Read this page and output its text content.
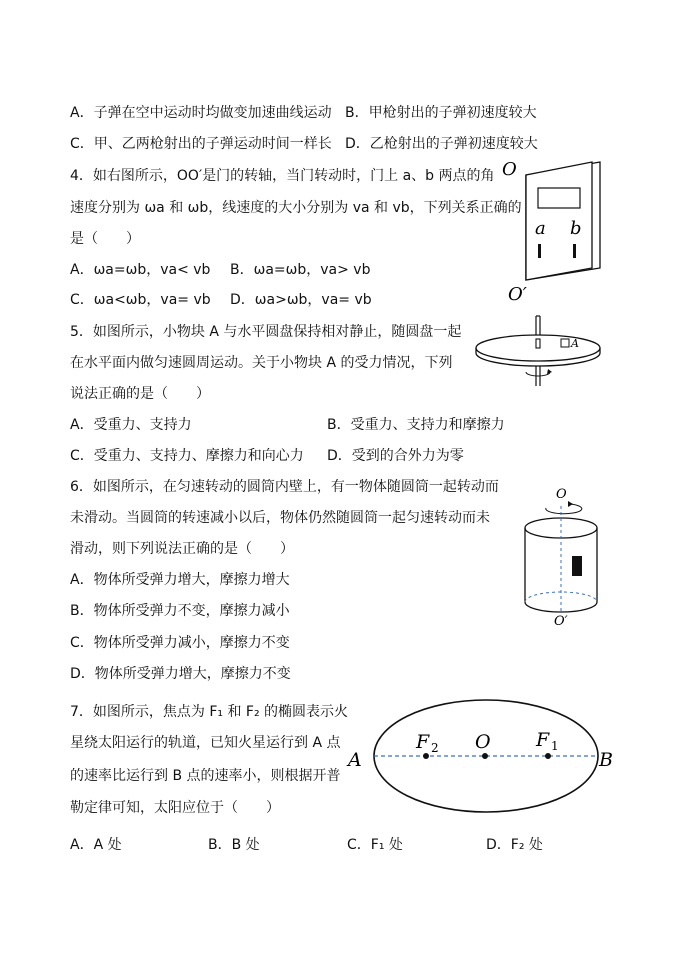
A．子弹在空中运动时均做变加速曲线运动 B．甲枪射出的子弹初速度较大
C．甲、乙两枪射出的子弹运动时间一样长 D．乙枪射出的子弹初速度较大
4．如右图所示，OO′是门的转轴，当门转动时，门上 a、b 两点的角
速度分别为 ωa 和 ωb，线速度的大小分别为 va 和 vb，下列关系正确的
是（　　）
A．ωa=ωb，va< vb B．ωa=ωb，va> vb
C．ωa<ωb，va= vb D．ωa>ωb，va= vb
O
a b
O′
5．如图所示，小物块 A 与水平圆盘保持相对静止，随圆盘一起
在水平面内做匀速圆周运动。关于小物块 A 的受力情况，下列
说法正确的是（　　）
A．受重力、支持力	B．受重力、支持力和摩擦力
C．受重力、支持力、摩擦力和向心力 D．受到的合外力为零
A
6．如图所示，在匀速转动的圆筒内壁上，有一物体随圆筒一起转动而
未滑动。当圆筒的转速减小以后，物体仍然随圆筒一起匀速转动而未
滑动，则下列说法正确的是（　　）
A．物体所受弹力增大，摩擦力增大
B．物体所受弹力不变，摩擦力减小
C．物体所受弹力减小，摩擦力不变
D．物体所受弹力增大，摩擦力不变
O
O′
7．如图所示，焦点为 F₁ 和 F₂ 的椭圆表示火
星绕太阳运行的轨道，已知火星运行到 A 点
的速率比运行到 B 点的速率小，则根据开普
勒定律可知，太阳应位于（　　）
A．A 处	B．B 处	C．F₁ 处	D．F₂ 处
A	B
O
F 2	F 1
